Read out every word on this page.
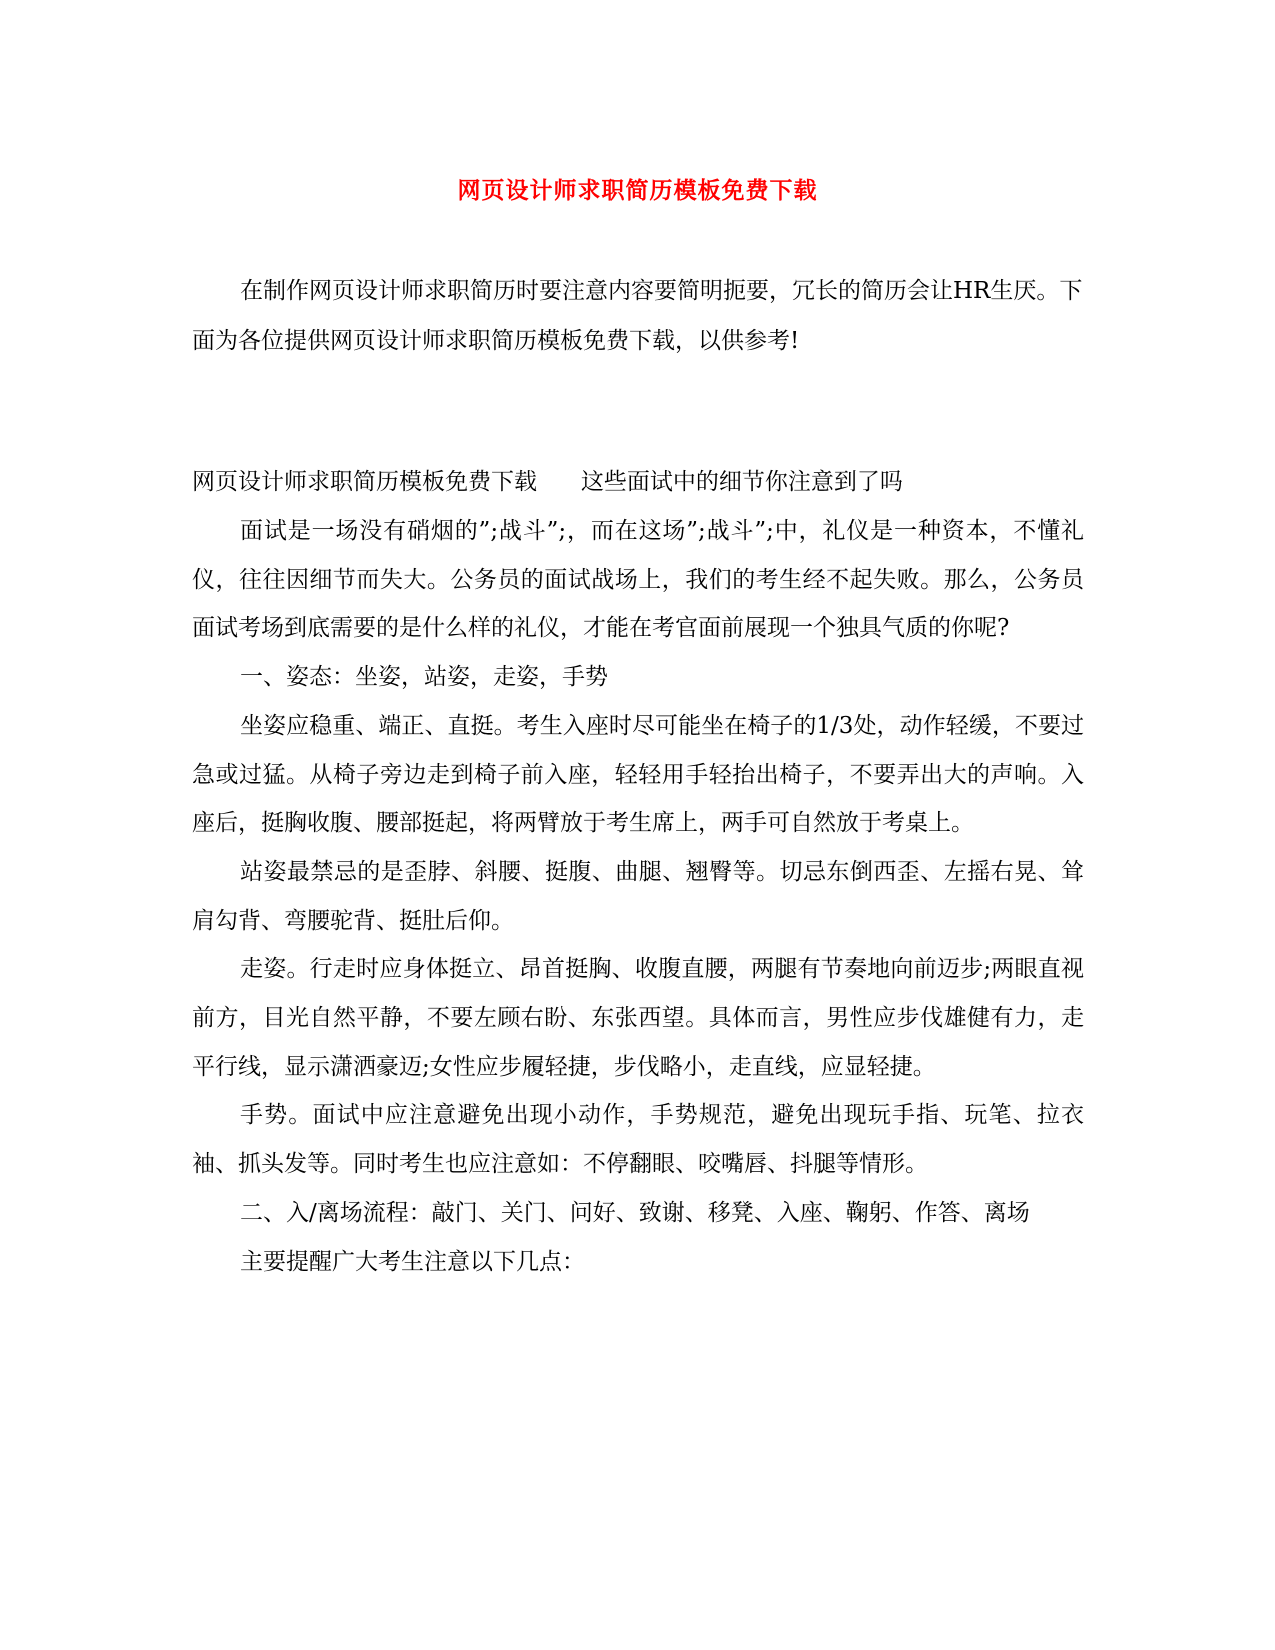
网页设计师求职简历模板免费下载

在制作网页设计师求职简历时要注意内容要简明扼要，冗长的简历会让HR生厌。下面为各位提供网页设计师求职简历模板免费下载，以供参考!

网页设计师求职简历模板免费下载      这些面试中的细节你注意到了吗

面试是一场没有硝烟的”;战斗”;，而在这场”;战斗”;中，礼仪是一种资本，不懂礼仪，往往因细节而失大。公务员的面试战场上，我们的考生经不起失败。那么，公务员面试考场到底需要的是什么样的礼仪，才能在考官面前展现一个独具气质的你呢?

一、姿态：坐姿，站姿，走姿，手势

坐姿应稳重、端正、直挺。考生入座时尽可能坐在椅子的1/3处，动作轻缓，不要过急或过猛。从椅子旁边走到椅子前入座，轻轻用手轻抬出椅子，不要弄出大的声响。入座后，挺胸收腹、腰部挺起，将两臂放于考生席上，两手可自然放于考桌上。

站姿最禁忌的是歪脖、斜腰、挺腹、曲腿、翘臀等。切忌东倒西歪、左摇右晃、耸肩勾背、弯腰驼背、挺肚后仰。

走姿。行走时应身体挺立、昂首挺胸、收腹直腰，两腿有节奏地向前迈步;两眼直视前方，目光自然平静，不要左顾右盼、东张西望。具体而言，男性应步伐雄健有力，走平行线，显示潇洒豪迈;女性应步履轻捷，步伐略小，走直线，应显轻捷。

手势。面试中应注意避免出现小动作，手势规范，避免出现玩手指、玩笔、拉衣袖、抓头发等。同时考生也应注意如：不停翻眼、咬嘴唇、抖腿等情形。

二、入/离场流程：敲门、关门、问好、致谢、移凳、入座、鞠躬、作答、离场

主要提醒广大考生注意以下几点：
